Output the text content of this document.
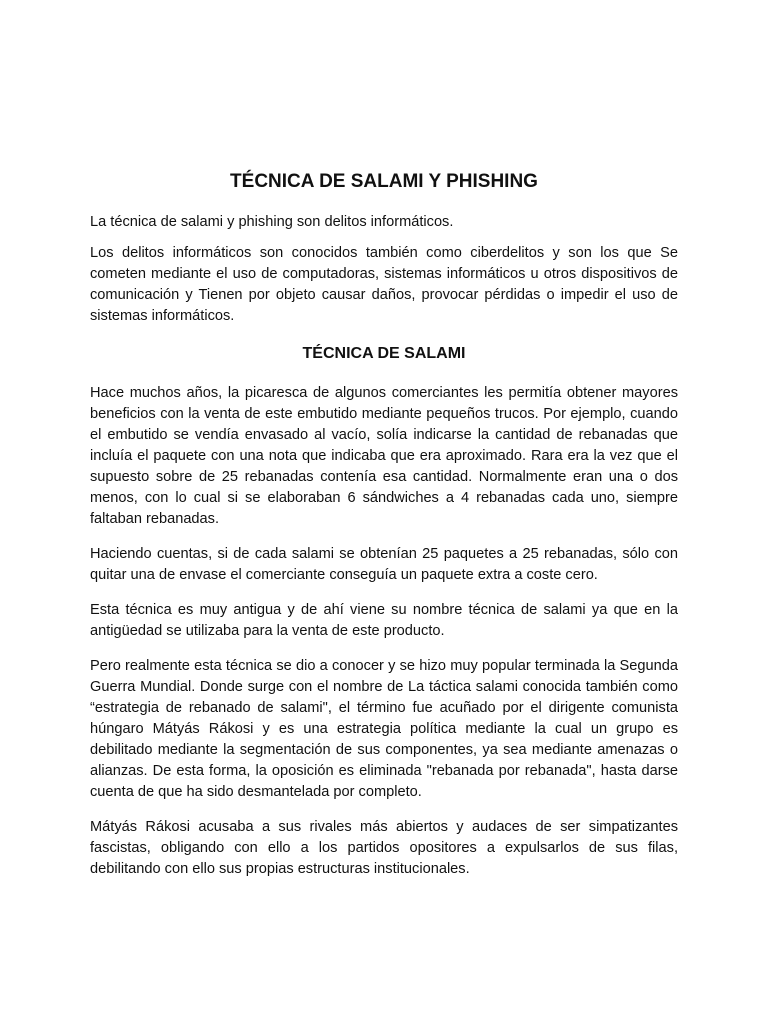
TÉCNICA DE SALAMI Y PHISHING

La técnica de salami y phishing son delitos informáticos.

Los delitos informáticos son conocidos también como ciberdelitos y son los que Se cometen mediante el uso de computadoras, sistemas informáticos u otros dispositivos de comunicación y Tienen por objeto causar daños, provocar pérdidas o impedir el uso de sistemas informáticos.

TÉCNICA DE SALAMI

Hace muchos años, la picaresca de algunos comerciantes les permitía obtener mayores beneficios con la venta de este embutido mediante pequeños trucos. Por ejemplo, cuando el embutido se vendía envasado al vacío, solía indicarse la cantidad de rebanadas que incluía el paquete con una nota que indicaba que era aproximado. Rara era la vez que el supuesto sobre de 25 rebanadas contenía esa cantidad. Normalmente eran una o dos menos, con lo cual si se elaboraban 6 sándwiches a 4 rebanadas cada uno, siempre faltaban rebanadas.

Haciendo cuentas, si de cada salami se obtenían 25 paquetes a 25 rebanadas, sólo con quitar una de envase el comerciante conseguía un paquete extra a coste cero.

Esta técnica es muy antigua y de ahí viene su nombre técnica de salami ya que en la antigüedad se utilizaba para la venta de este producto.

Pero realmente esta técnica se dio a conocer y se hizo muy popular terminada la Segunda Guerra Mundial. Donde surge con el nombre de La táctica salami conocida también como “estrategia de rebanado de salami", el término fue acuñado por el dirigente comunista húngaro Mátyás Rákosi y es una estrategia política mediante la cual un grupo es debilitado mediante la segmentación de sus componentes, ya sea mediante amenazas o alianzas. De esta forma, la oposición es eliminada "rebanada por rebanada", hasta darse cuenta de que ha sido desmantelada por completo.

Mátyás Rákosi acusaba a sus rivales más abiertos y audaces de ser simpatizantes fascistas, obligando con ello a los partidos opositores a expulsarlos de sus filas, debilitando con ello sus propias estructuras institucionales.
